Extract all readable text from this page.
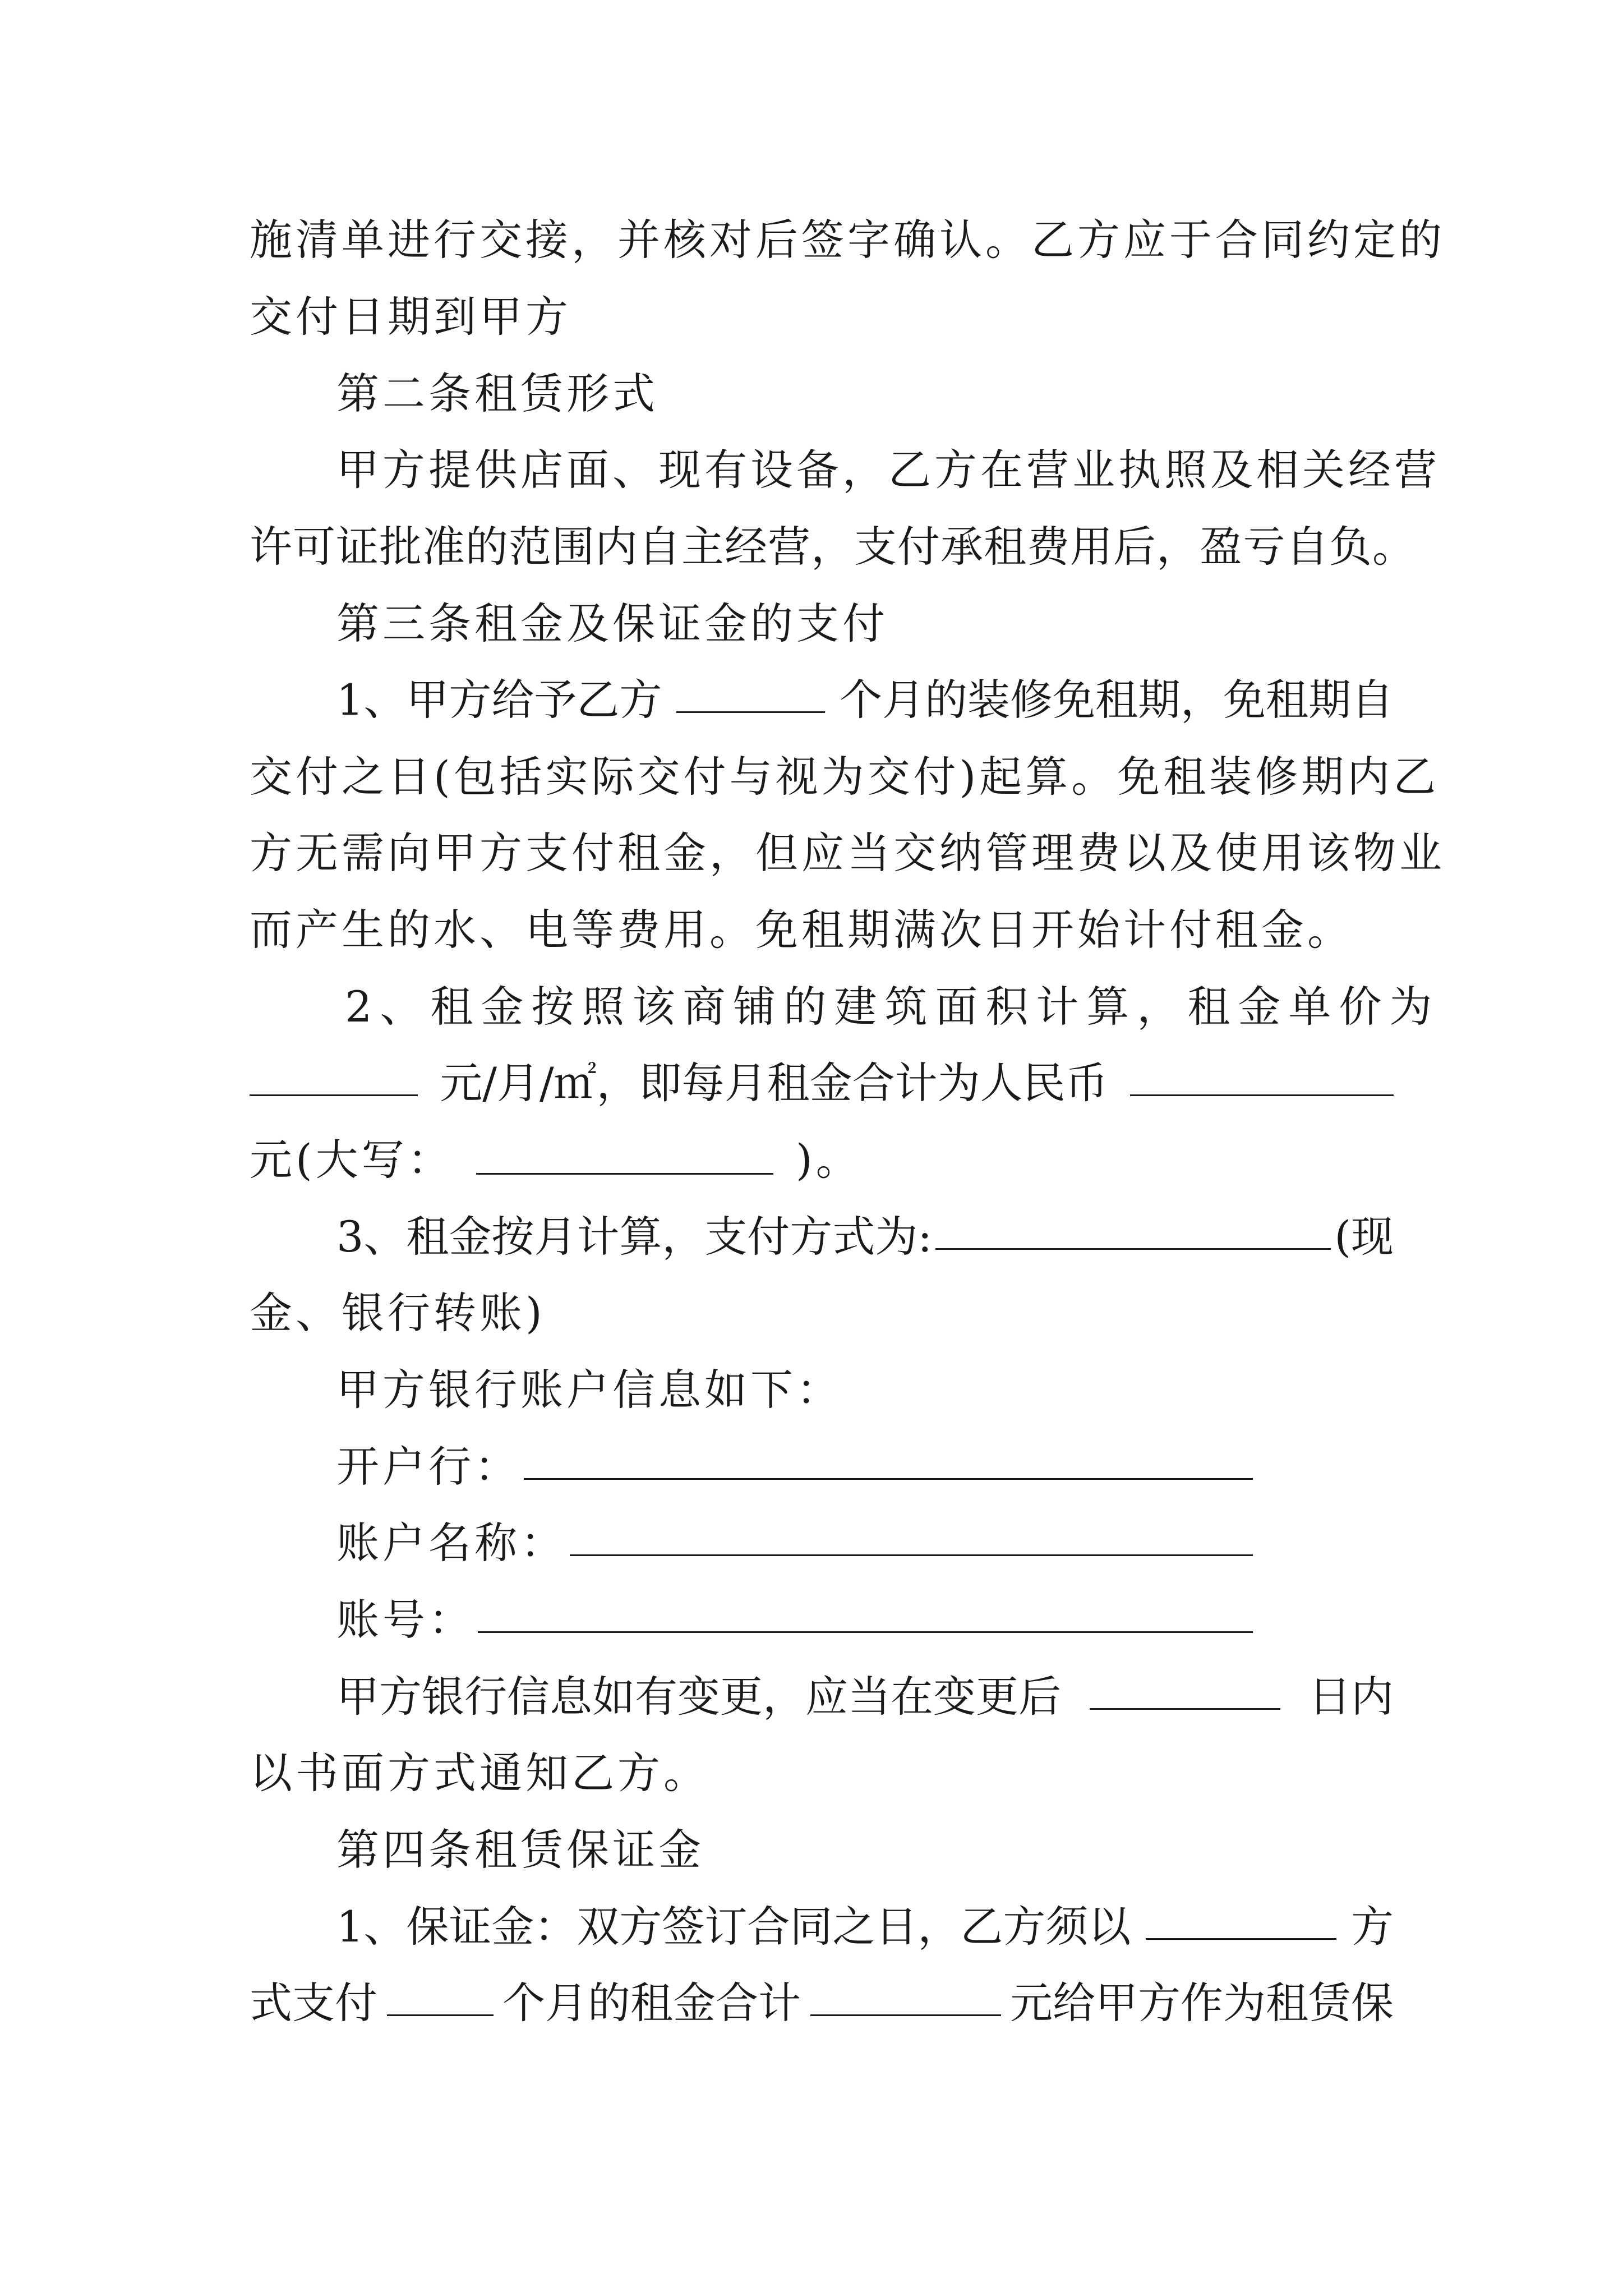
施清单进行交接，并核对后签字确认。乙方应于合同约定的
交付日期到甲方
第二条租赁形式
甲方提供店面、现有设备，乙方在营业执照及相关经营
许可证批准的范围内自主经营，支付承租费用后，盈亏自负。
第三条租金及保证金的支付
1、甲方给予乙方	个月的装修免租期，免租期自
交付之日(包括实际交付与视为交付)起算。免租装修期内乙
方无需向甲方支付租金，但应当交纳管理费以及使用该物业
而产生的水、电等费用。免租期满次日开始计付租金。
2、租金按照该商铺的建筑面积计算，租金单价为
元/月/㎡，即每月租金合计为人民币
元(大写：	)。
3、租金按月计算，支付方式为:	(现
金、银行转账)
甲方银行账户信息如下：
开户行：
账户名称：
账号：
甲方银行信息如有变更，应当在变更后	日内
以书面方式通知乙方。
第四条租赁保证金
1、保证金：双方签订合同之日，乙方须以	方
式支付	个月的租金合计	元给甲方作为租赁保
